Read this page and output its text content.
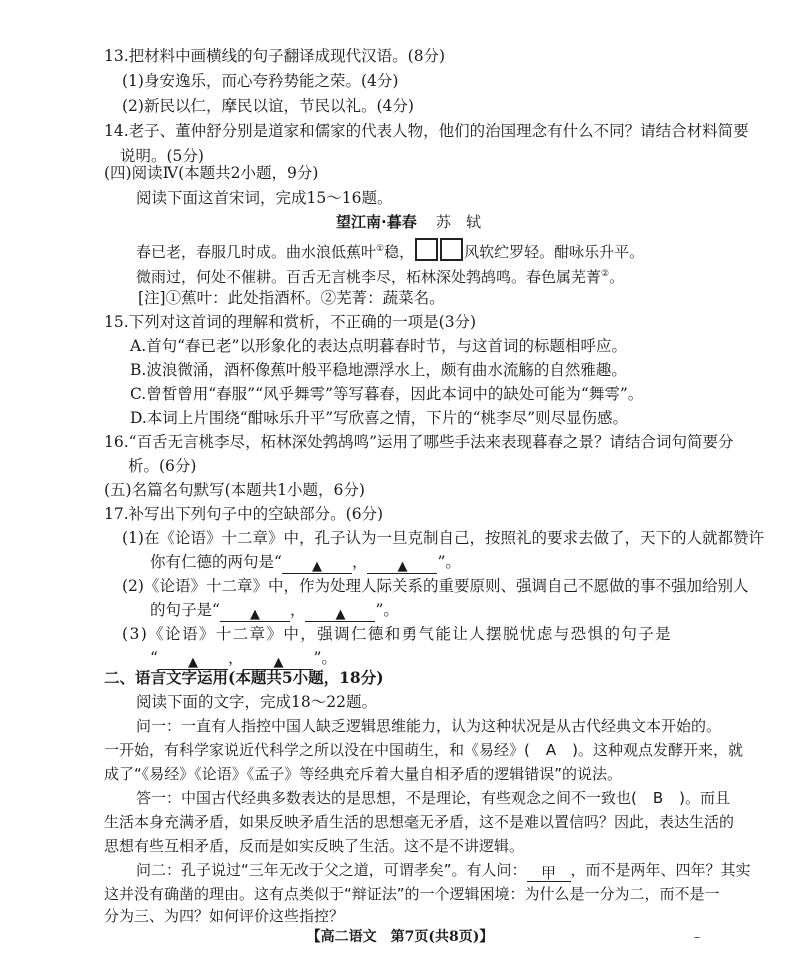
13.把材料中画横线的句子翻译成现代汉语。(8分)
(1)身安逸乐，而心夸矜势能之荣。(4分)
(2)新民以仁，摩民以谊，节民以礼。(4分)
14.老子、董仲舒分别是道家和儒家的代表人物，他们的治国理念有什么不同？请结合材料简要
说明。(5分)
(四)阅读Ⅳ(本题共2小题，9分)
阅读下面这首宋词，完成15～16题。
望江南·暮春 苏　轼
春已老，春服几时成。曲水浪低蕉叶①稳，	风软纻罗轻。酣咏乐升平。
微雨过，何处不催耕。百舌无言桃李尽，柘林深处鹁鸪鸣。春色属芜菁②。
[注]①蕉叶：此处指酒杯。②芜菁：蔬菜名。
15.下列对这首词的理解和赏析，不正确的一项是(3分)
A.首句“春已老”以形象化的表达点明暮春时节，与这首词的标题相呼应。
B.波浪微涌，酒杯像蕉叶般平稳地漂浮水上，颇有曲水流觞的自然雅趣。
C.曾皙曾用“春服”“风乎舞雩”等写暮春，因此本词中的缺处可能为“舞雩”。
D.本词上片围绕“酣咏乐升平”写欣喜之情，下片的“桃李尽”则尽显伤感。
16.“百舌无言桃李尽，柘林深处鹁鸪鸣”运用了哪些手法来表现暮春之景？请结合词句简要分
析。(6分)
(五)名篇名句默写(本题共1小题，6分)
17.补写出下列句子中的空缺部分。(6分)
(1)在《论语》十二章》中，孔子认为一旦克制自己，按照礼的要求去做了，天下的人就都赞许
你有仁德的两句是“ ▲ ， ▲ ”。
(2)《论语》十二章》中，作为处理人际关系的重要原则、强调自己不愿做的事不强加给别人
的句子是“ ▲ ， ▲ ”。
(3)《论语》十二章》中，强调仁德和勇气能让人摆脱忧虑与恐惧的句子是
“ ▲ ， ▲ ”。
二、语言文字运用(本题共5小题，18分)
阅读下面的文字，完成18～22题。
问一：一直有人指控中国人缺乏逻辑思维能力，认为这种状况是从古代经典文本开始的。
一开始，有科学家说近代科学之所以没在中国萌生，和《易经》( A )。这种观点发酵开来，就
成了“《易经》《论语》《孟子》等经典充斥着大量自相矛盾的逻辑错误”的说法。
答一：中国古代经典多数表达的是思想，不是理论，有些观念之间不一致也( B )。而且
生活本身充满矛盾，如果反映矛盾生活的思想毫无矛盾，这不是难以置信吗？因此，表达生活的
思想有些互相矛盾，反而是如实反映了生活。这不是不讲逻辑。
问二：孔子说过“三年无改于父之道，可谓孝矣”。有人问： 甲 ，而不是两年、四年？其实
这并没有确凿的理由。这有点类似于“辩证法”的一个逻辑困境：为什么是一分为二，而不是一
分为三、为四？如何评价这些指控？
【高二语文　第7页(共8页)】	–
